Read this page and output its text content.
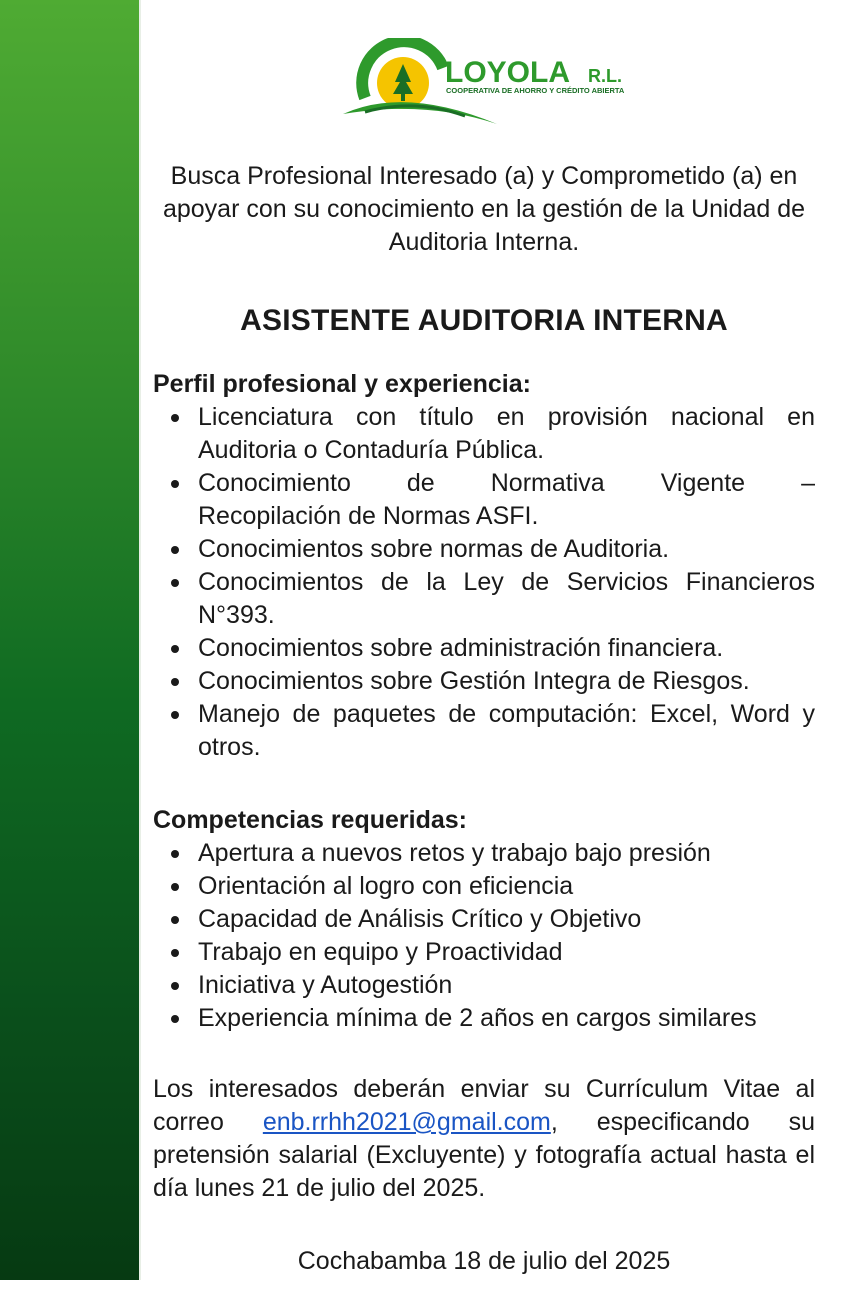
LOYOLA R.L.
COOPERATIVA DE AHORRO Y CRÉDITO ABIERTA

Busca Profesional Interesado (a) y Comprometido (a) en apoyar con su conocimiento en la gestión de la Unidad de Auditoria Interna.

ASISTENTE AUDITORIA INTERNA
Perfil profesional y experiencia:
Licenciatura con título en provisión nacional en Auditoria o Contaduría Pública.
Conocimiento de Normativa Vigente –
Recopilación de Normas ASFI.
Conocimientos sobre normas de Auditoria.
Conocimientos de la Ley de Servicios Financieros N°393.
Conocimientos sobre administración financiera.
Conocimientos sobre Gestión Integra de Riesgos.
Manejo de paquetes de computación: Excel, Word y otros.
Competencias requeridas:
Apertura a nuevos retos y trabajo bajo presión
Orientación al logro con eficiencia
Capacidad de Análisis Crítico y Objetivo
Trabajo en equipo y Proactividad
Iniciativa y Autogestión
Experiencia mínima de 2 años en cargos similares

Los interesados deberán enviar su Currículum Vitae al correo enb.rrhh2021@gmail.com, especificando su pretensión salarial (Excluyente) y fotografía actual hasta el día lunes 21 de julio del 2025.

Cochabamba 18 de julio del 2025
